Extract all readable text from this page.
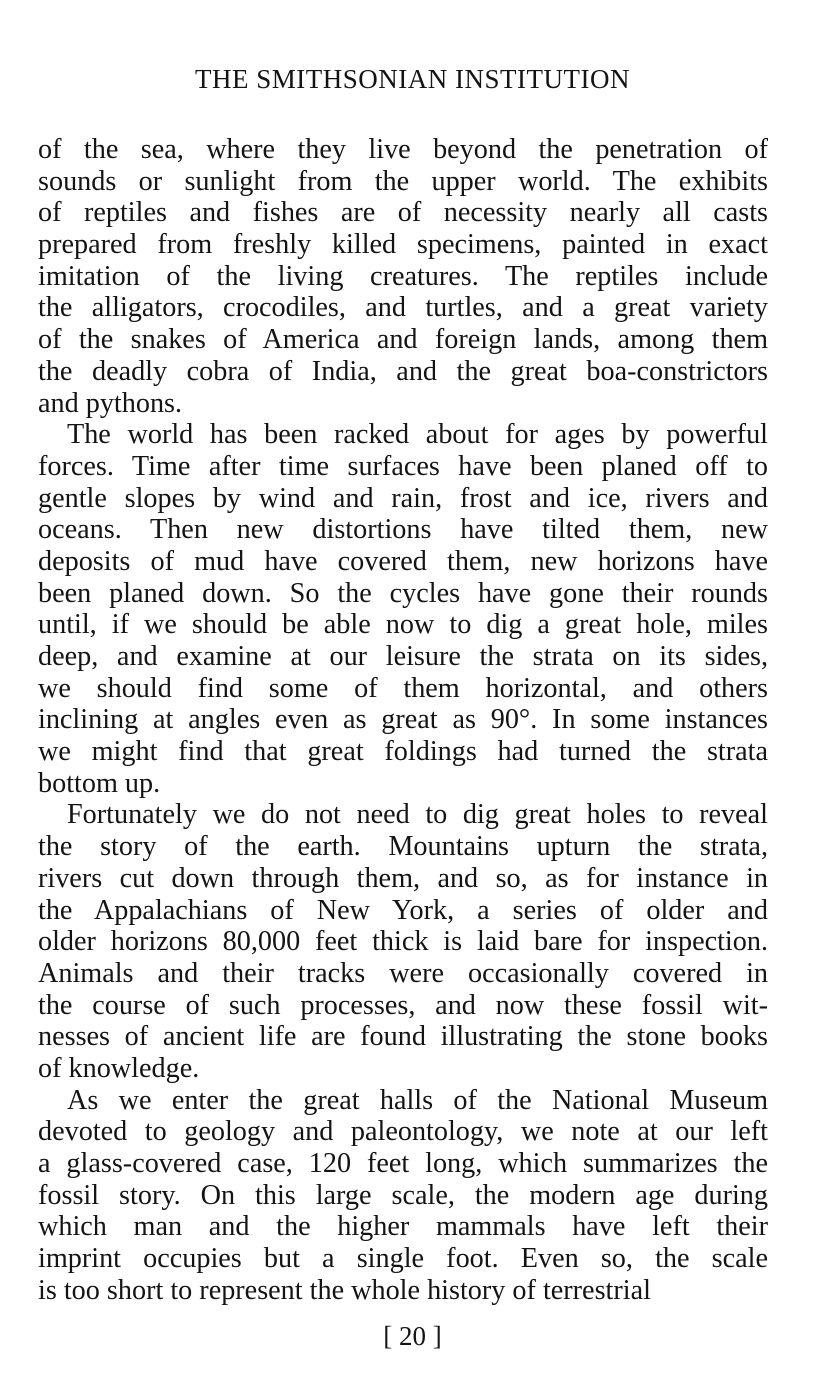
THE SMITHSONIAN INSTITUTION
of the sea, where they live beyond the penetration of
sounds or sunlight from the upper world. The exhibits
of reptiles and fishes are of necessity nearly all casts
prepared from freshly killed specimens, painted in exact
imitation of the living creatures. The reptiles include
the alligators, crocodiles, and turtles, and a great variety
of the snakes of America and foreign lands, among them
the deadly cobra of India, and the great boa-constrictors
and pythons.
The world has been racked about for ages by powerful
forces. Time after time surfaces have been planed off to
gentle slopes by wind and rain, frost and ice, rivers and
oceans. Then new distortions have tilted them, new
deposits of mud have covered them, new horizons have
been planed down. So the cycles have gone their rounds
until, if we should be able now to dig a great hole, miles
deep, and examine at our leisure the strata on its sides,
we should find some of them horizontal, and others
inclining at angles even as great as 90°. In some instances
we might find that great foldings had turned the strata
bottom up.
Fortunately we do not need to dig great holes to reveal
the story of the earth. Mountains upturn the strata,
rivers cut down through them, and so, as for instance in
the Appalachians of New York, a series of older and
older horizons 80,000 feet thick is laid bare for inspection.
Animals and their tracks were occasionally covered in
the course of such processes, and now these fossil wit-
nesses of ancient life are found illustrating the stone books
of knowledge.
As we enter the great halls of the National Museum
devoted to geology and paleontology, we note at our left
a glass-covered case, 120 feet long, which summarizes the
fossil story. On this large scale, the modern age during
which man and the higher mammals have left their
imprint occupies but a single foot. Even so, the scale
is too short to represent the whole history of terrestrial
[ 20 ]
